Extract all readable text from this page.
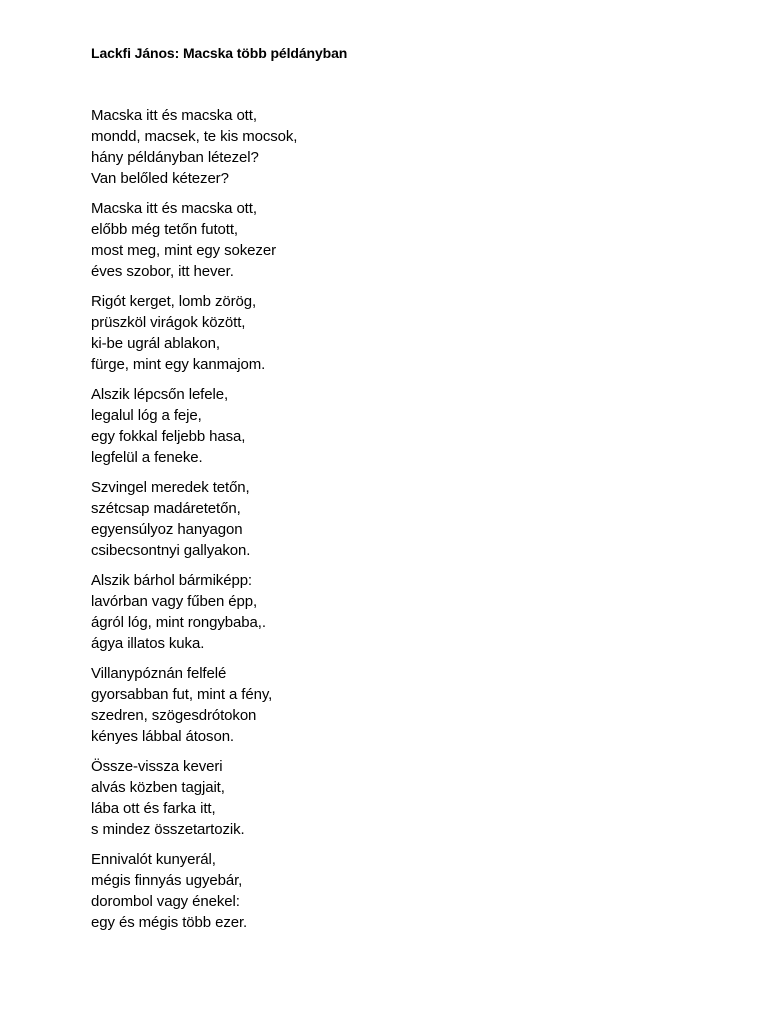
Lackfi János: Macska több példányban
Macska itt és macska ott,
mondd, macsek, te kis mocsok,
hány példányban létezel?
Van belőled kétezer?
Macska itt és macska ott,
előbb még tetőn futott,
most meg, mint egy sokezer
éves szobor, itt hever.
Rigót kerget, lomb zörög,
prüszköl virágok között,
ki-be ugrál ablakon,
fürge, mint egy kanmajom.
Alszik lépcsőn lefele,
legalul lóg a feje,
egy fokkal feljebb hasa,
legfelül a feneke.
Szvingel meredek tetőn,
szétcsap madáretetőn,
egyensúlyoz hanyagon
csibecsontnyi gallyakon.
Alszik bárhol bármiképp:
lavórban vagy fűben épp,
ágról lóg, mint rongybaba,.
ágya illatos kuka.
Villanypóznán felfelé
gyorsabban fut, mint a fény,
szedren, szögesdrótokon
kényes lábbal átoson.
Össze-vissza keveri
alvás közben tagjait,
lába ott és farka itt,
s mindez összetartozik.
Ennivalót kunyerál,
mégis finnyás ugyebár,
dorombol vagy énekel:
egy és mégis több ezer.
